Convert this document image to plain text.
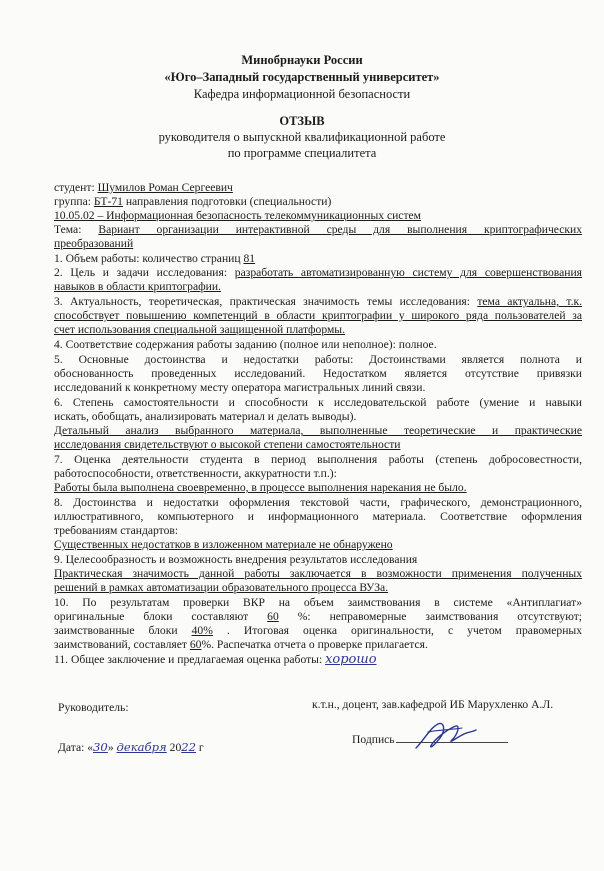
Минобрнауки России
«Юго–Западный государственный университет»
Кафедра информационной безопасности
ОТЗЫВ
руководителя о выпускной квалификационной работе
по программе специалитета
студент: Шумилов Роман Сергеевич
группа: БТ-71 направления подготовки (специальности)
10.05.02 – Информационная безопасность телекоммуникационных систем
Тема: Вариант организации интерактивной среды для выполнения криптографических
преобразований
1. Объем работы: количество страниц 81
2. Цель и задачи исследования: разработать автоматизированную систему для совершенствования
навыков в области криптографии.
3. Актуальность, теоретическая, практическая значимость темы исследования: тема актуальна, т.к.
способствует повышению компетенций в области криптографии у широкого ряда пользователей за
счет использования специальной защищенной платформы.
4. Соответствие содержания работы заданию (полное или неполное): полное.
5. Основные достоинства и недостатки работы: Достоинствами является полнота и
обоснованность проведенных исследований. Недостатком является отсутствие привязки
исследований к конкретному месту оператора магистральных линий связи.
6. Степень самостоятельности и способности к исследовательской работе (умение и навыки
искать, обобщать, анализировать материал и делать выводы).
Детальный анализ выбранного материала, выполненные теоретические и практические
исследования свидетельствуют о высокой степени самостоятельности
7. Оценка деятельности студента в период выполнения работы (степень добросовестности,
работоспособности, ответственности, аккуратности т.п.):
Работы была выполнена своевременно, в процессе выполнения нарекания не было.
8. Достоинства и недостатки оформления текстовой части, графического, демонстрационного,
иллюстративного, компьютерного и информационного материала. Соответствие оформления
требованиям стандартов:
Существенных недостатков в изложенном материале не обнаружено
9. Целесообразность и возможность внедрения результатов исследования
Практическая значимость данной работы заключается в возможности применения полученных
решений в рамках автоматизации образовательного процесса ВУЗа.
10. По результатам проверки ВКР на объем заимствования в системе «Антиплагиат»
оригинальные блоки составляют 60 %: неправомерные заимствования отсутствуют;
заимствованные блоки 40% . Итоговая оценка оригинальности, с учетом правомерных
заимствований, составляет 60%. Распечатка отчета о проверке прилагается.
11. Общее заключение и предлагаемая оценка работы: хорошо
Руководитель:	к.т.н., доцент, зав.кафедрой ИБ Марухленко А.Л.
Дата: «30» декабря 2022 г
Подпись
